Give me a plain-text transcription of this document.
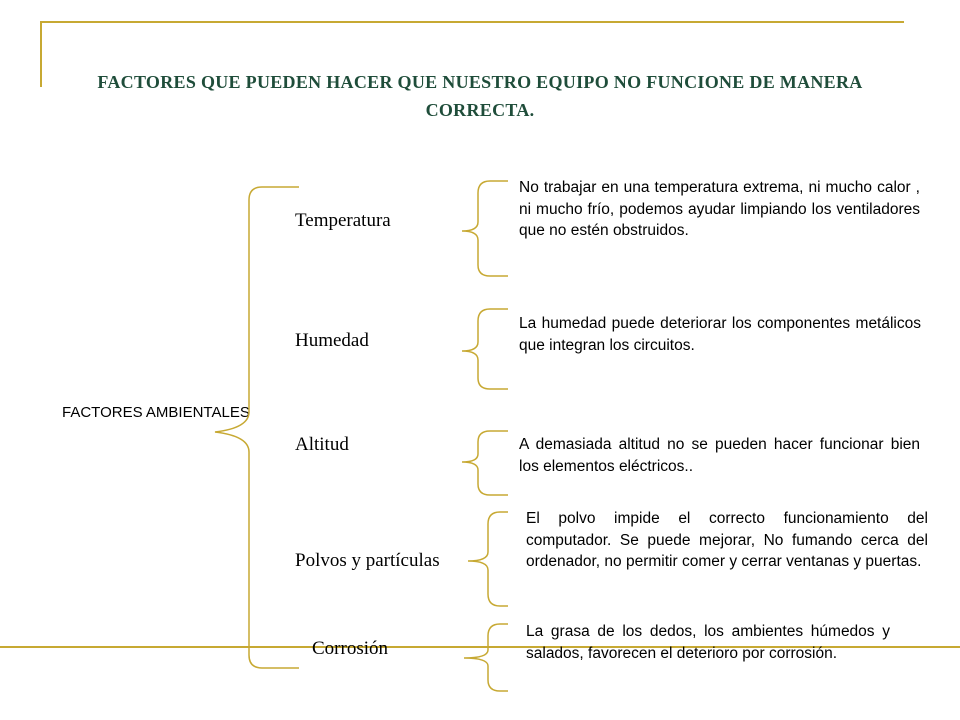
FACTORES QUE PUEDEN HACER QUE NUESTRO EQUIPO NO FUNCIONE DE MANERA CORRECTA.
FACTORES AMBIENTALES
Temperatura
Humedad
Altitud
Polvos y partículas
Corrosión
No trabajar en una temperatura extrema, ni mucho calor , ni mucho frío, podemos ayudar limpiando los ventiladores que no estén obstruidos.
La humedad puede deteriorar los componentes metálicos que integran los circuitos.
A demasiada altitud no se pueden hacer funcionar bien los elementos eléctricos..
El polvo impide el correcto funcionamiento del computador. Se puede mejorar, No fumando cerca del ordenador, no permitir comer y cerrar ventanas y puertas.
La grasa de los dedos, los ambientes húmedos y salados, favorecen el deterioro por corrosión.
